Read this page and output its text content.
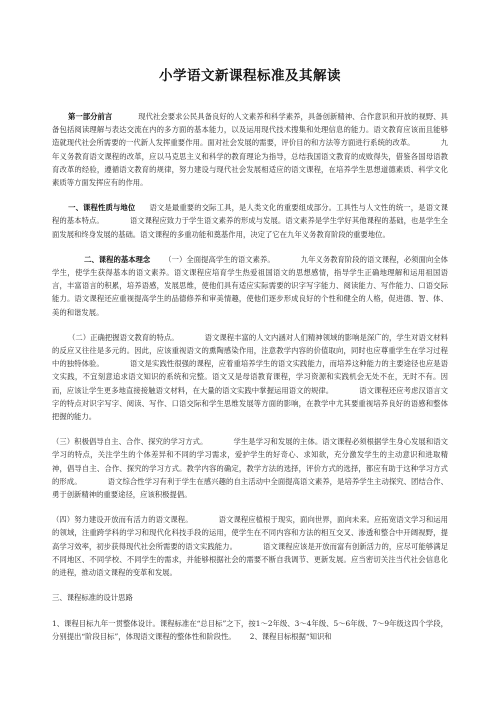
小学语文新课程标准及其解读

第一部分前言	现代社会要求公民具备良好的人文素养和科学素养，具备创新精神、合作意识和开放的视野、具备包括阅读理解与表达交流在内的多方面的基本能力，以及运用现代技术搜集和处理信息的能力。语文教育应该而且能够造就现代社会所需要的一代新人发挥重要作用。面对社会发展的需要，评价目的和方法等方面进行系统的改革。	九年义务教育语文课程的改革，应以马克思主义和科学的教育理论为指导，总结我国语文教育的成败得失，借鉴各国母语教育改革的经验，遵循语文教育的规律，努力建设与现代社会发展相适应的语文课程，在培养学生思想道德素质、科学文化素质等方面发挥应有的作用。

一、课程性质与地位 语文是最重要的交际工具，是人类文化的重要组成部分。工具性与人文性的统一，是语文课程的基本特点。	语文课程应致力于学生语文素养的形成与发展。语文素养是学生学好其他课程的基础，也是学生全面发展和终身发展的基础。语文课程的多重功能和奠基作用，决定了它在九年义务教育阶段的重要地位。

二、课程的基本理念 （一）全面提高学生的语文素养。	九年义务教育阶段的语文课程，必须面向全体学生，使学生获得基本的语文素养。语文课程应培育学生热爱祖国语文的思想感情，指导学生正确地理解和运用祖国语言，丰富语言的积累，培养语感，发展思维，使他们具有适应实际需要的识字写字能力、阅读能力、写作能力、口语交际能力。语文课程还应重视提高学生的品德修养和审美情趣，使他们逐步形成良好的个性和健全的人格，促进德、智、体、美的和谐发展。

（二）正确把握语文教育的特点。	语文课程丰富的人文内涵对人们精神领域的影响是深广的，学生对语文材料的反应又往往是多元的。因此，应该重视语文的熏陶感染作用，注意教学内容的价值取向，同时也应尊重学生在学习过程中的独特体验。	语文是实践性很强的课程，应着重培养学生的语文实践能力，而培养这种能力的主要途径也应是语文实践，不宜刻意追求语文知识的系统和完整。语文又是母语教育课程，学习资源和实践机会无处不在，无时不有。因而，应该让学生更多地直接接触语文材料，在大量的语文实践中掌握运用语文的规律。	语文课程还应考虑汉语言文字的特点对识字写字、阅读、写作、口语交际和学生思维发展等方面的影响，在教学中尤其要重视培养良好的语感和整体把握的能力。

（三）积极倡导自主、合作、探究的学习方式。	学生是学习和发展的主体。语文课程必须根据学生身心发展和语文学习的特点，关注学生的个体差异和不同的学习需求，爱护学生的好奇心、求知欲，充分激发学生的主动意识和进取精神，倡导自主、合作、探究的学习方式。教学内容的确定，教学方法的选择，评价方式的选择，都应有助于这种学习方式的形成。	语文综合性学习有利于学生在感兴趣的自主活动中全面提高语文素养，是培养学生主动探究、团结合作、勇于创新精神的重要途径，应该积极提倡。

（四）努力建设开放而有活力的语文课程。	语文课程应植根于现实，面向世界，面向未来。应拓宽语文学习和运用的领域，注重跨学科的学习和现代化科技手段的运用，使学生在不同内容和方法的相互交叉、渗透和整合中开阔视野，提高学习效率，初步获得现代社会所需要的语文实践能力。	语文课程应该是开放而富有创新活力的，应尽可能够满足不同地区、不同学校、不同学生的需求，并能够根据社会的需要不断自我调节、更新发展。应当密切关注当代社会信息化的进程，推动语文课程的变革和发展。

三、课程标准的设计思路

1、课程目标九年一贯整体设计。课程标准在“总目标”之下，按1～2年级、3～4年级、5～6年级、7～9年级这四个学段，分别提出“阶段目标”，体现语文课程的整体性和阶段性。 2、课程目标根据“知识和
